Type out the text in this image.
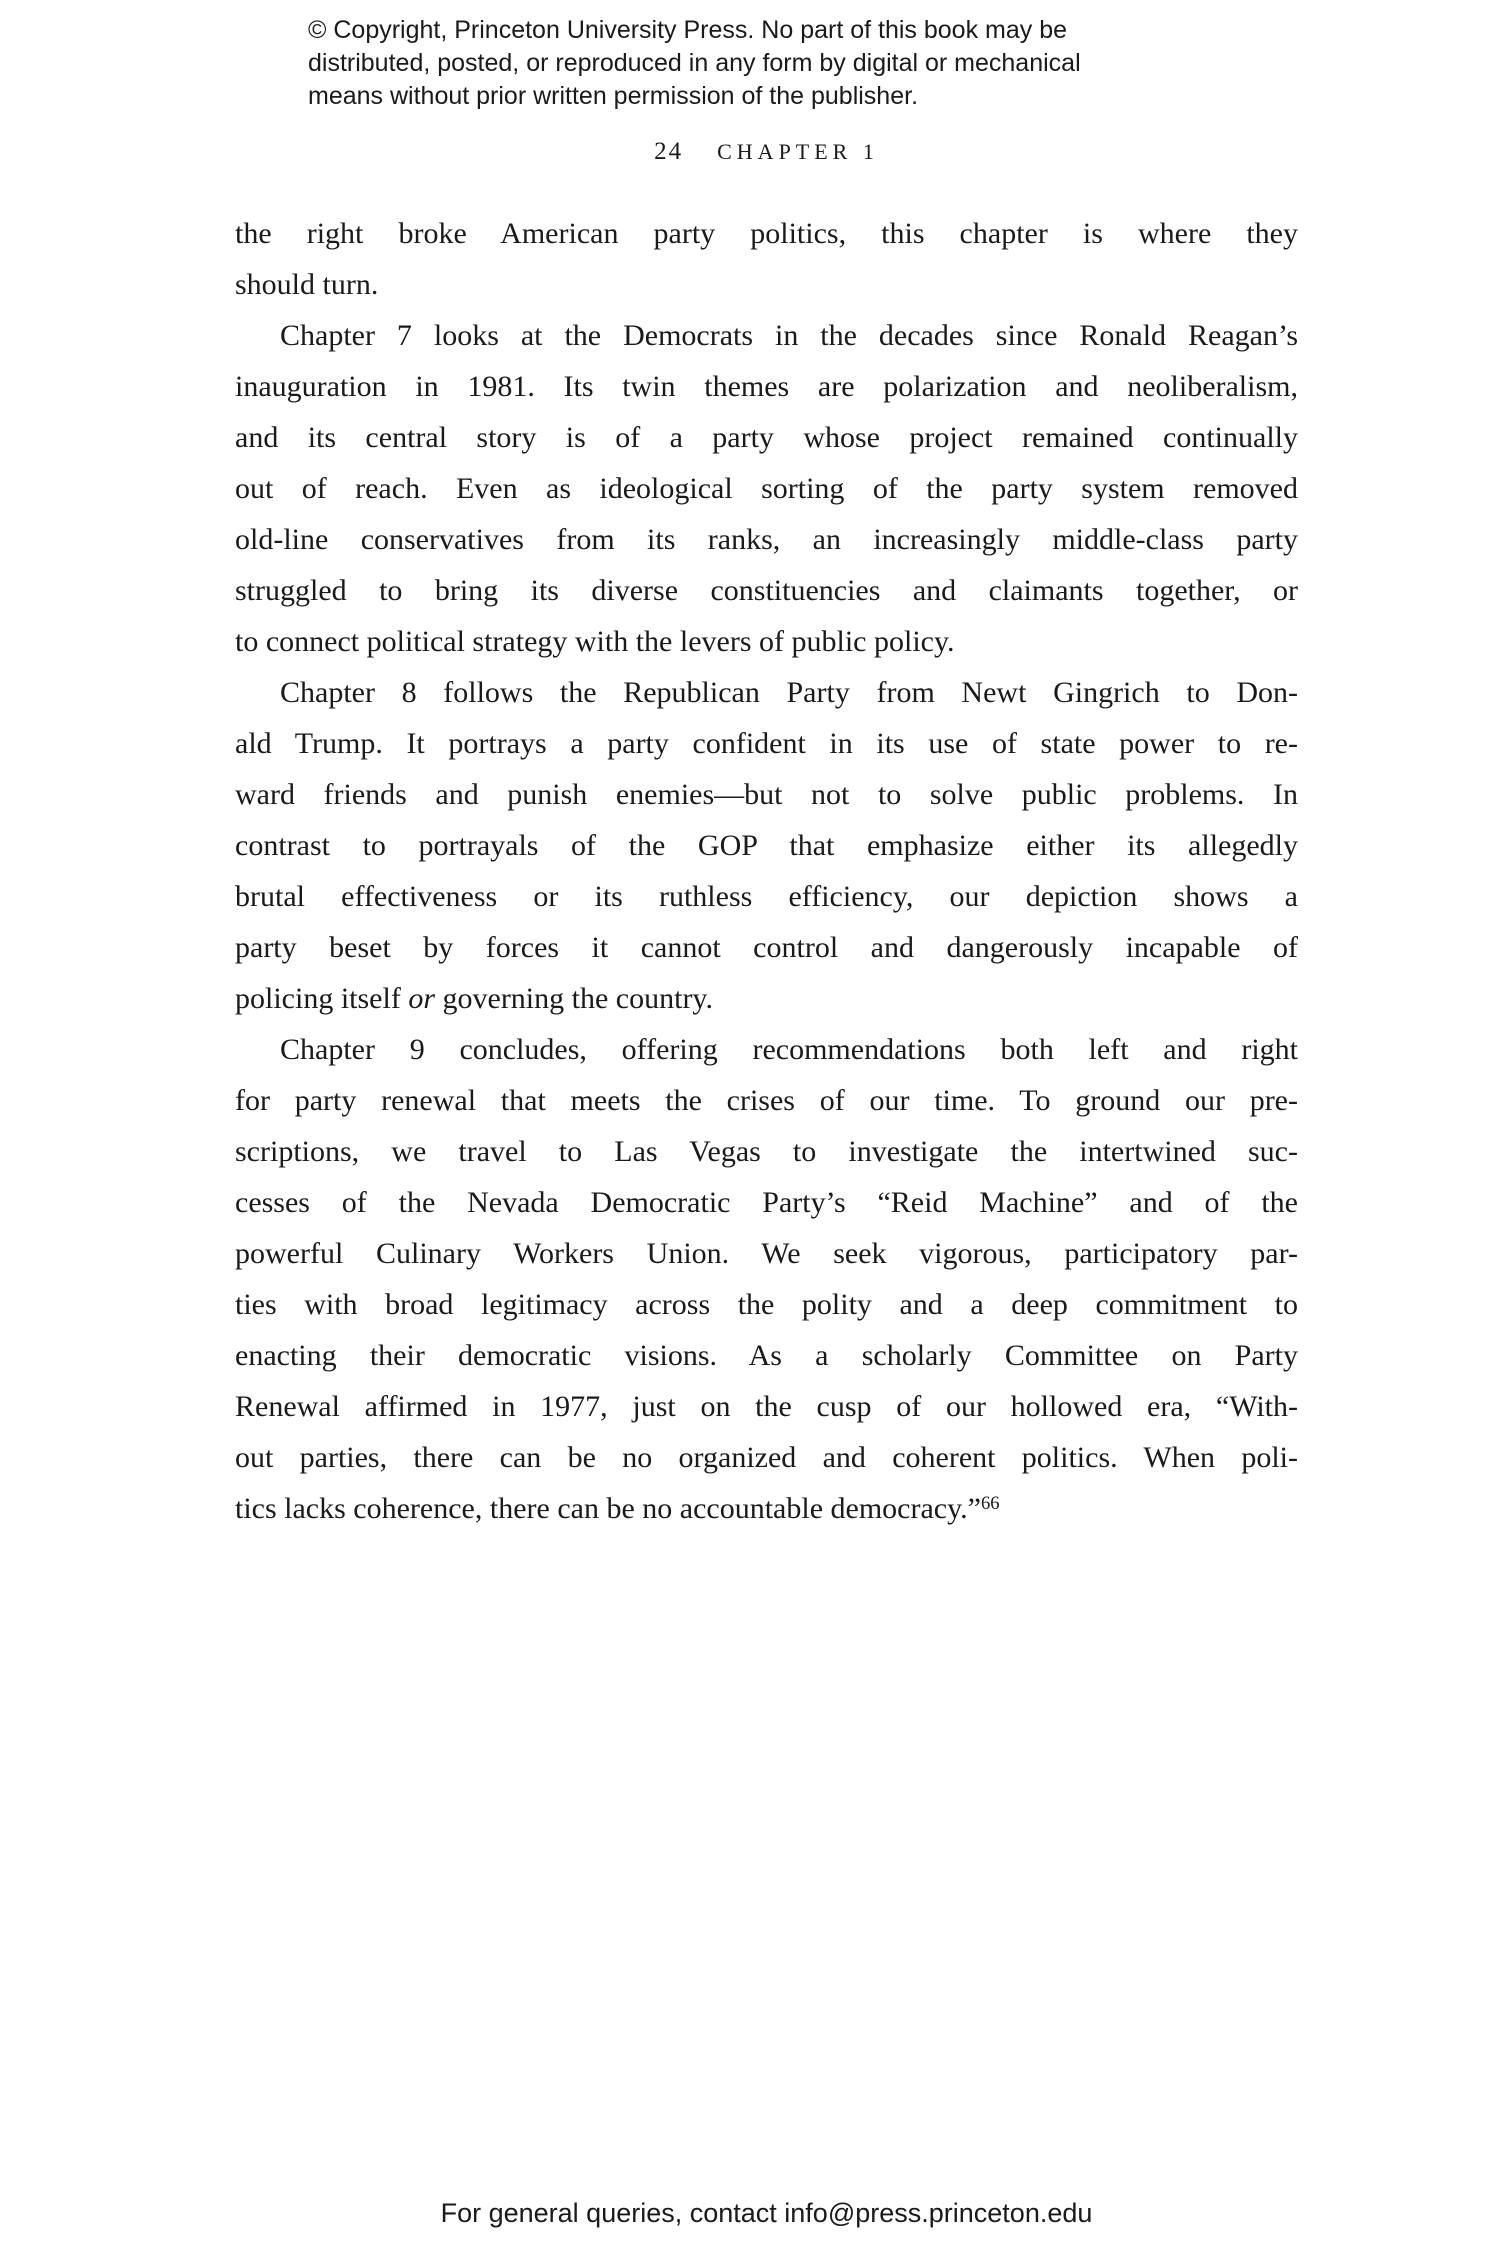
© Copyright, Princeton University Press. No part of this book may be
distributed, posted, or reproduced in any form by digital or mechanical
means without prior written permission of the publisher.
24 CHAPTER 1
the right broke American party politics, this chapter is where they
should turn.
Chapter 7 looks at the Democrats in the decades since Ronald Reagan’s
inauguration in 1981. Its twin themes are polarization and neoliberalism,
and its central story is of a party whose project remained continually
out of reach. Even as ideological sorting of the party system removed
old-line conservatives from its ranks, an increasingly middle-class party
struggled to bring its diverse constituencies and claimants together, or
to connect political strategy with the levers of public policy.
Chapter 8 follows the Republican Party from Newt Gingrich to Don-
ald Trump. It portrays a party confident in its use of state power to re-
ward friends and punish enemies—but not to solve public problems. In
contrast to portrayals of the GOP that emphasize either its allegedly
brutal effectiveness or its ruthless efficiency, our depiction shows a
party beset by forces it cannot control and dangerously incapable of
policing itself or governing the country.
Chapter 9 concludes, offering recommendations both left and right
for party renewal that meets the crises of our time. To ground our pre-
scriptions, we travel to Las Vegas to investigate the intertwined suc-
cesses of the Nevada Democratic Party’s “Reid Machine” and of the
powerful Culinary Workers Union. We seek vigorous, participatory par-
ties with broad legitimacy across the polity and a deep commitment to
enacting their democratic visions. As a scholarly Committee on Party
Renewal affirmed in 1977, just on the cusp of our hollowed era, “With-
out parties, there can be no organized and coherent politics. When poli-
tics lacks coherence, there can be no accountable democracy.”$^{66}$
For general queries, contact info@press.princeton.edu
